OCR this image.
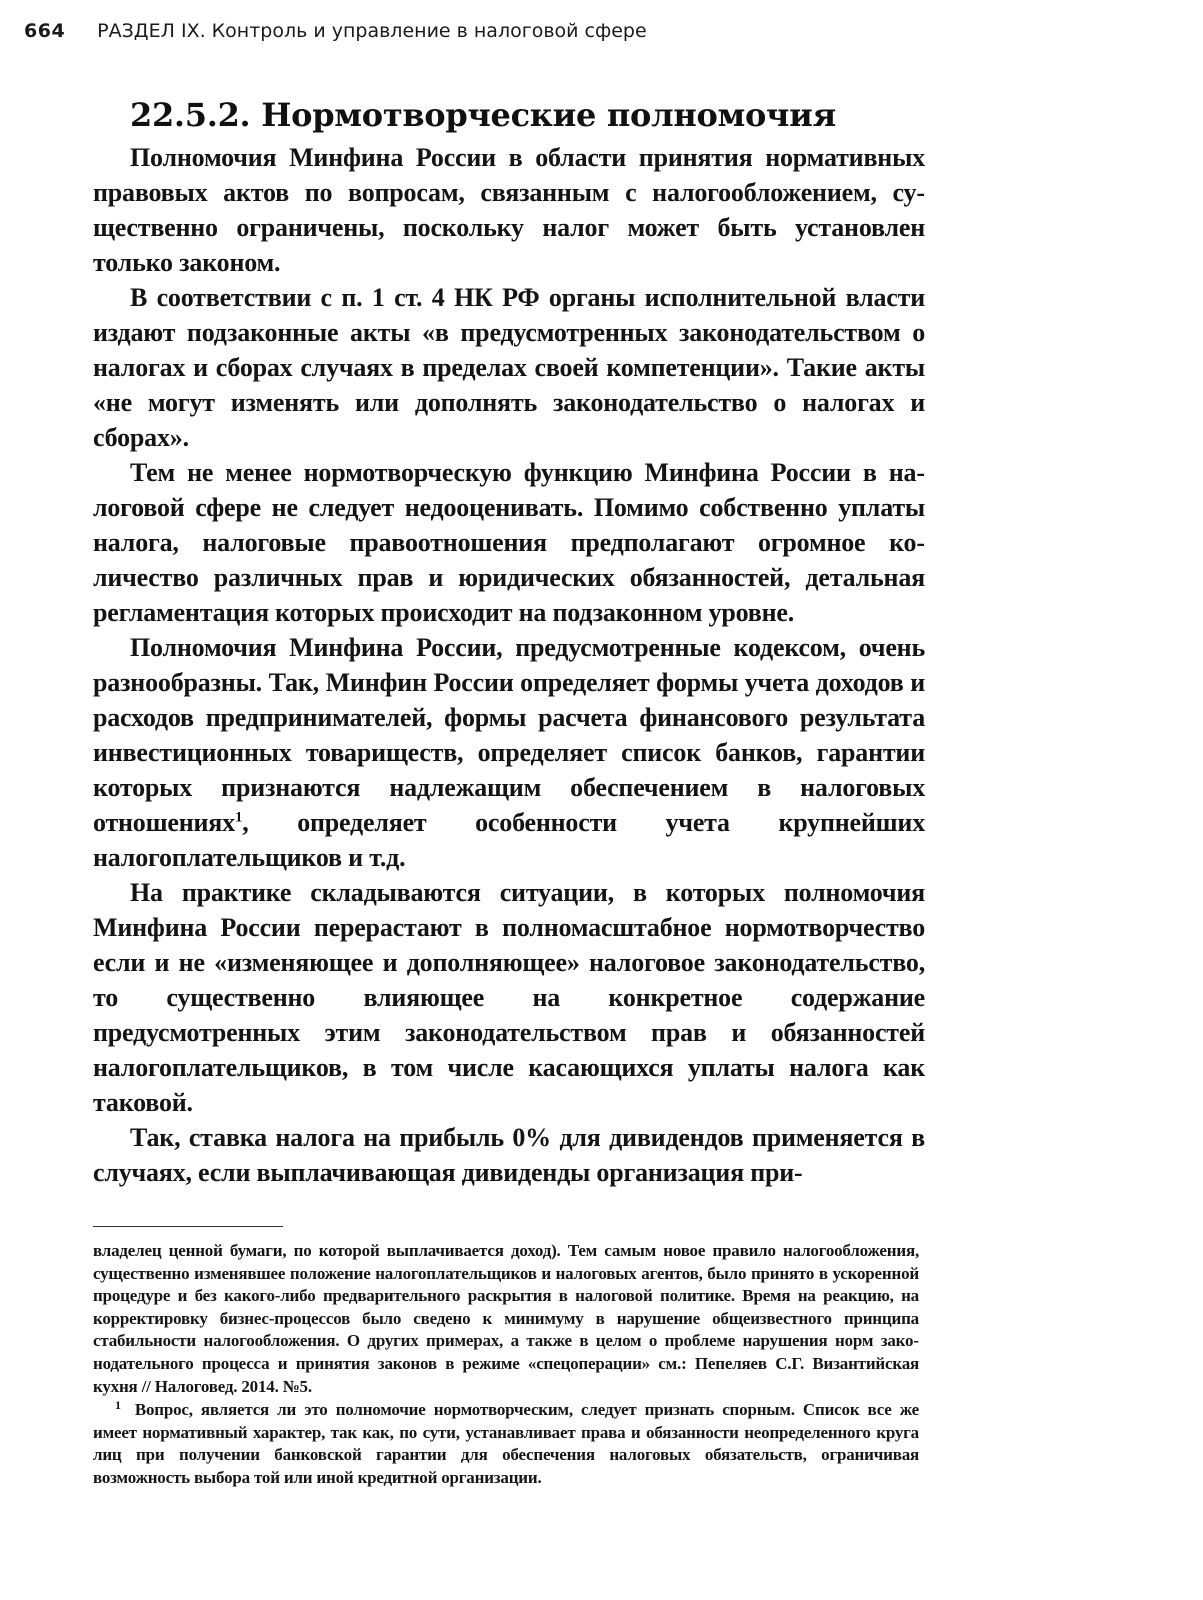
664 РАЗДЕЛ IX. Контроль и управление в налоговой сфере
22.5.2. Нормотворческие полномочия

Полномочия Минфина России в области принятия нормативных правовых актов по вопросам, связанным с налогообложением, существенно ограничены, поскольку налог может быть установлен только законом.

В соответствии с п. 1 ст. 4 НК РФ органы исполнительной власти издают подзаконные акты «в предусмотренных законодательством о налогах и сборах случаях в пределах своей компетенции». Такие акты «не могут изменять или дополнять законодательство о налогах и сборах».

Тем не менее нормотворческую функцию Минфина России в налоговой сфере не следует недооценивать. Помимо собственно уплаты налога, налоговые правоотношения предполагают огромное количество различных прав и юридических обязанностей, детальная регламентация которых происходит на подзаконном уровне.

Полномочия Минфина России, предусмотренные кодексом, очень разнообразны. Так, Минфин России определяет формы учета доходов и расходов предпринимателей, формы расчета финансового результата инвестиционных товариществ, определяет список банков, гарантии которых признаются надлежащим обеспечением в налоговых отношениях$^1$, определяет особенности учета крупнейших налогоплательщиков и т.д.

На практике складываются ситуации, в которых полномочия Минфина России перерастают в полномасштабное нормотворчество если и не «изменяющее и дополняющее» налоговое законодательство, то существенно влияющее на конкретное содержание предусмотренных этим законодательством прав и обязанностей налогоплательщиков, в том числе касающихся уплаты налога как таковой.

Так, ставка налога на прибыль 0% для дивидендов применяется в случаях, если выплачивающая дивиденды организация при-

владелец ценной бумаги, по которой выплачивается доход). Тем самым новое правило налогообложения, существенно изменявшее положение налогоплательщиков и налоговых агентов, было принято в ускоренной процедуре и без какого-либо предварительного раскрытия в налоговой политике. Время на реакцию, на корректировку бизнес-процессов было сведено к минимуму в нарушение общеизвестного принципа стабильности налогообложения. О других примерах, а также в целом о проблеме нарушения норм законодательного процесса и принятия законов в режиме «спецоперации» см.: Пепеляев С.Г. Византийская кухня // Налоговед. 2014. №5.

$^1$ Вопрос, является ли это полномочие нормотворческим, следует признать спорным. Список все же имеет нормативный характер, так как, по сути, устанавливает права и обязанности неопределенного круга лиц при получении банковской гарантии для обеспечения налоговых обязательств, ограничивая возможность выбора той или иной кредитной организации.
